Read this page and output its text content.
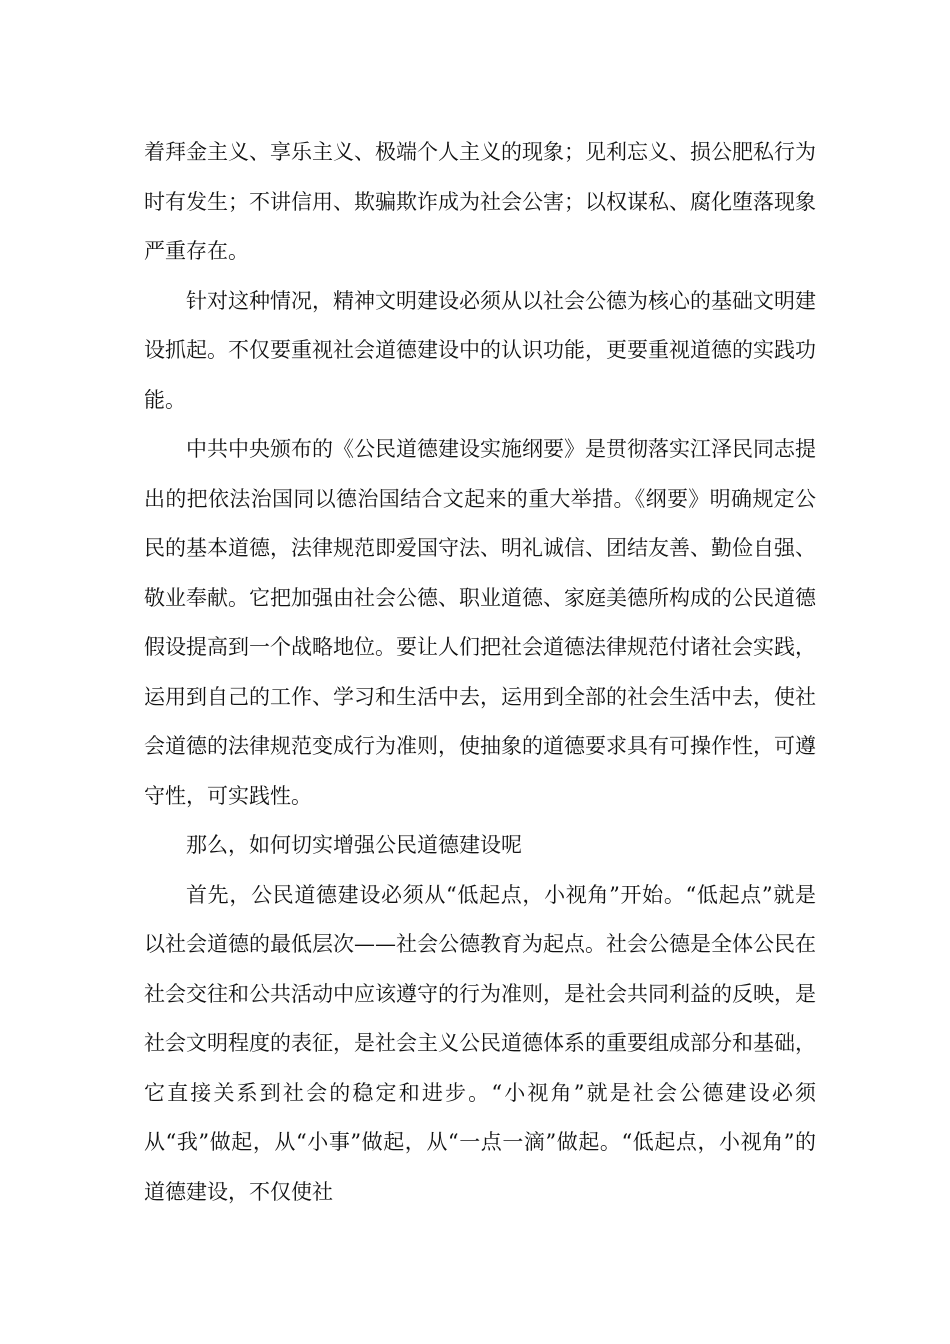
着拜金主义、享乐主义、极端个人主义的现象；见利忘义、损公肥私行为时有发生；不讲信用、欺骗欺诈成为社会公害；以权谋私、腐化堕落现象严重存在。

针对这种情况，精神文明建设必须从以社会公德为核心的基础文明建设抓起。不仅要重视社会道德建设中的认识功能，更要重视道德的实践功能。

中共中央颁布的《公民道德建设实施纲要》是贯彻落实江泽民同志提出的把依法治国同以德治国结合文起来的重大举措。《纲要》明确规定公民的基本道德，法律规范即爱国守法、明礼诚信、团结友善、勤俭自强、敬业奉献。它把加强由社会公德、职业道德、家庭美德所构成的公民道德假设提高到一个战略地位。要让人们把社会道德法律规范付诸社会实践，运用到自己的工作、学习和生活中去，运用到全部的社会生活中去，使社会道德的法律规范变成行为准则，使抽象的道德要求具有可操作性，可遵守性，可实践性。

那么，如何切实增强公民道德建设呢

首先，公民道德建设必须从“低起点，小视角”开始。“低起点”就是以社会道德的最低层次——社会公德教育为起点。社会公德是全体公民在社会交往和公共活动中应该遵守的行为准则，是社会共同利益的反映，是社会文明程度的表征，是社会主义公民道德体系的重要组成部分和基础，它直接关系到社会的稳定和进步。“小视角”就是社会公德建设必须从“我”做起，从“小事”做起，从“一点一滴”做起。“低起点，小视角”的道德建设，不仅使社
